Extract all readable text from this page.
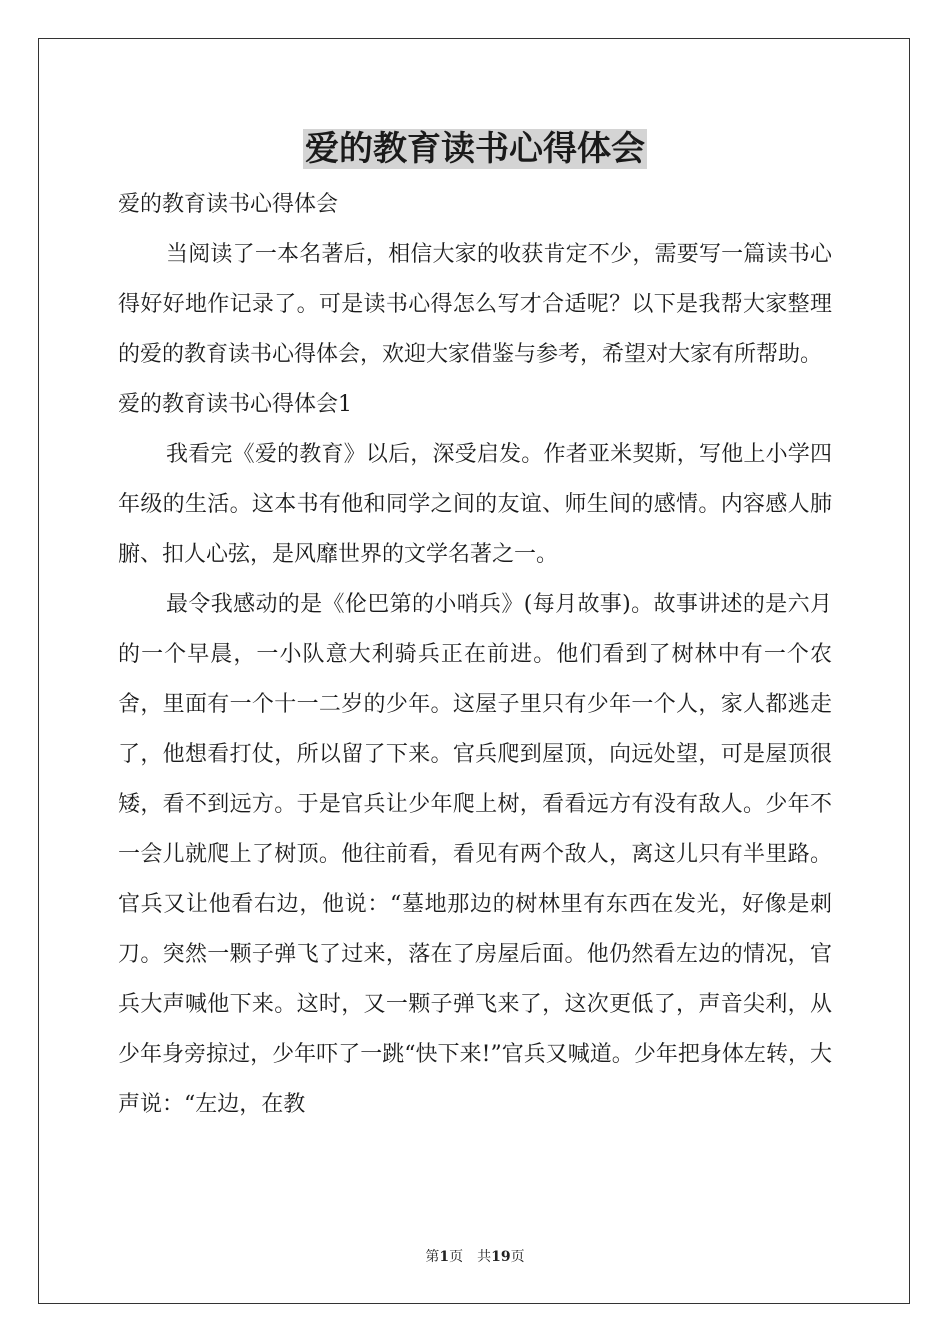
爱的教育读书心得体会

爱的教育读书心得体会

当阅读了一本名著后，相信大家的收获肯定不少，需要写一篇读书心得好好地作记录了。可是读书心得怎么写才合适呢？以下是我帮大家整理的爱的教育读书心得体会，欢迎大家借鉴与参考，希望对大家有所帮助。

爱的教育读书心得体会1

我看完《爱的教育》以后，深受启发。作者亚米契斯，写他上小学四年级的生活。这本书有他和同学之间的友谊、师生间的感情。内容感人肺腑、扣人心弦，是风靡世界的文学名著之一。

最令我感动的是《伦巴第的小哨兵》(每月故事)。故事讲述的是六月的一个早晨，一小队意大利骑兵正在前进。他们看到了树林中有一个农舍，里面有一个十一二岁的少年。这屋子里只有少年一个人，家人都逃走了，他想看打仗，所以留了下来。官兵爬到屋顶，向远处望，可是屋顶很矮，看不到远方。于是官兵让少年爬上树，看看远方有没有敌人。少年不一会儿就爬上了树顶。他往前看，看见有两个敌人，离这儿只有半里路。官兵又让他看右边，他说：“墓地那边的树林里有东西在发光，好像是刺刀。突然一颗子弹飞了过来，落在了房屋后面。他仍然看左边的情况，官兵大声喊他下来。这时，又一颗子弹飞来了，这次更低了，声音尖利，从少年身旁掠过，少年吓了一跳“快下来!”官兵又喊道。少年把身体左转，大声说：“左边，在教

第1页 共19页
